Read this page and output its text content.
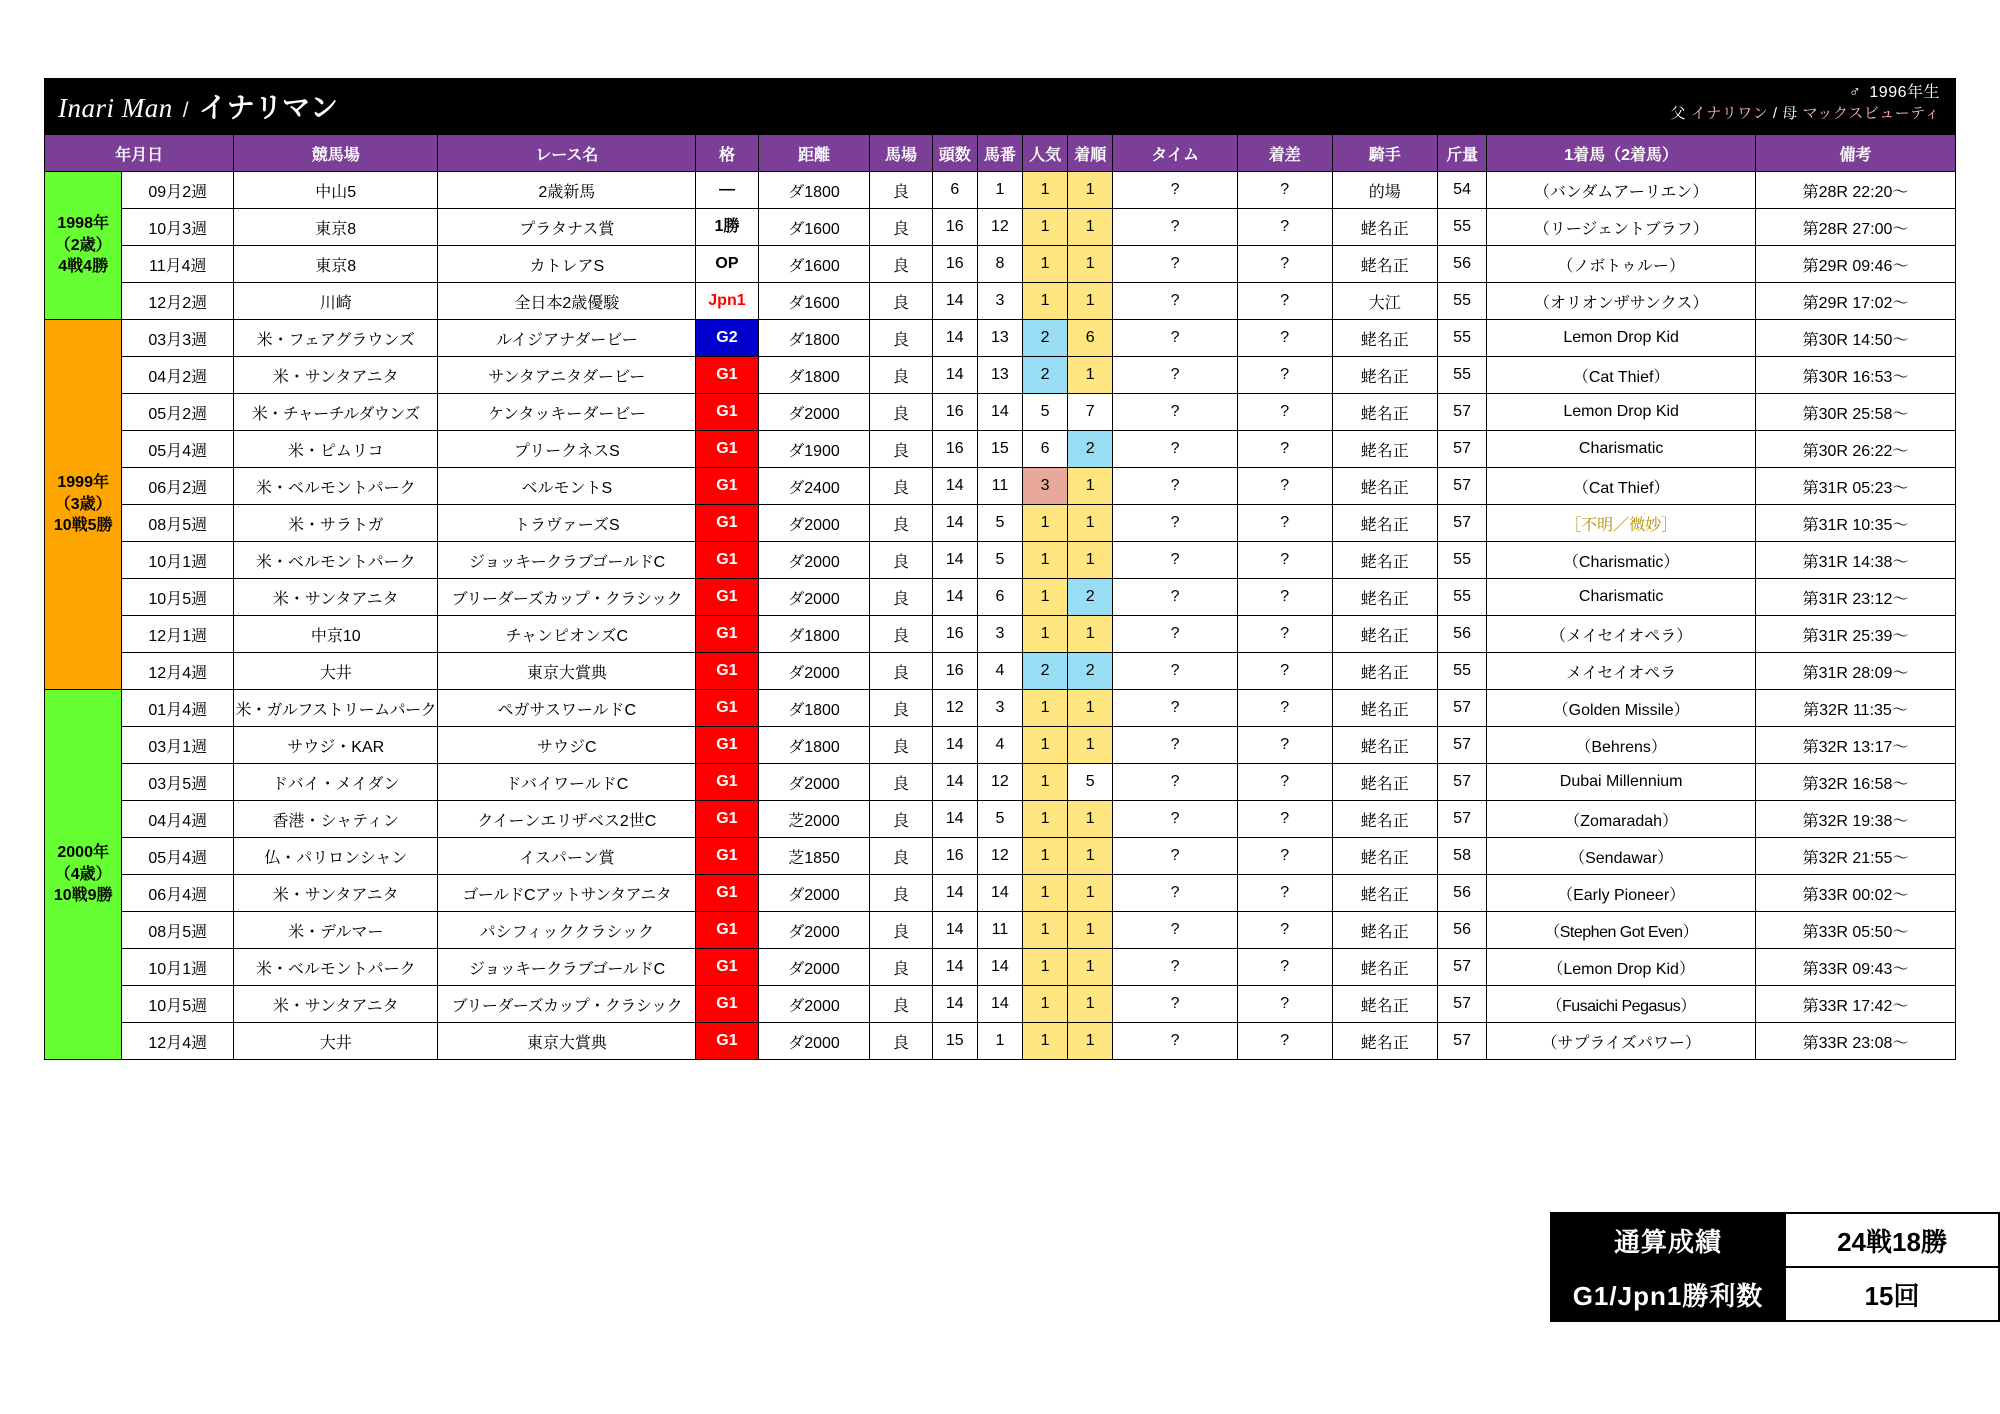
Inari Man / イナリマン	♂ 1996年生
父 イナリワン / 母 マックスビューティ
年月日		競馬場	レース名	格	距離	馬場	頭数	馬番	人気	着順	タイム	着差	騎手	斤量	1着馬（2着馬）	備考
1998年
（2歳）
4戦4勝	09月2週	中山5	2歳新馬	—	ダ1800	良	6	1	1	1	?	?	的場	54	（バンダムアーリエン）	第28R 22:20〜
	10月3週	東京8	プラタナス賞	1勝	ダ1600	良	16	12	1	1	?	?	蛯名正	55	（リージェントブラフ）	第28R 27:00〜
	11月4週	東京8	カトレアS	OP	ダ1600	良	16	8	1	1	?	?	蛯名正	56	（ノボトゥルー）	第29R 09:46〜
	12月2週	川崎	全日本2歳優駿	Jpn1	ダ1600	良	14	3	1	1	?	?	大江	55	（オリオンザサンクス）	第29R 17:02〜
1999年
（3歳）
10戦5勝	03月3週	米・フェアグラウンズ	ルイジアナダービー	G2	ダ1800	良	14	13	2	6	?	?	蛯名正	55	Lemon Drop Kid	第30R 14:50〜
	04月2週	米・サンタアニタ	サンタアニタダービー	G1	ダ1800	良	14	13	2	1	?	?	蛯名正	55	（Cat Thief）	第30R 16:53〜
	05月2週	米・チャーチルダウンズ	ケンタッキーダービー	G1	ダ2000	良	16	14	5	7	?	?	蛯名正	57	Lemon Drop Kid	第30R 25:58〜
	05月4週	米・ピムリコ	プリークネスS	G1	ダ1900	良	16	15	6	2	?	?	蛯名正	57	Charismatic	第30R 26:22〜
	06月2週	米・ベルモントパーク	ベルモントS	G1	ダ2400	良	14	11	3	1	?	?	蛯名正	57	（Cat Thief）	第31R 05:23〜
	08月5週	米・サラトガ	トラヴァーズS	G1	ダ2000	良	14	5	1	1	?	?	蛯名正	57	［不明／微妙］	第31R 10:35〜
	10月1週	米・ベルモントパーク	ジョッキークラブゴールドC	G1	ダ2000	良	14	5	1	1	?	?	蛯名正	55	（Charismatic）	第31R 14:38〜
	10月5週	米・サンタアニタ	ブリーダーズカップ・クラシック	G1	ダ2000	良	14	6	1	2	?	?	蛯名正	55	Charismatic	第31R 23:12〜
	12月1週	中京10	チャンピオンズC	G1	ダ1800	良	16	3	1	1	?	?	蛯名正	56	（メイセイオペラ）	第31R 25:39〜
	12月4週	大井	東京大賞典	G1	ダ2000	良	16	4	2	2	?	?	蛯名正	55	メイセイオペラ	第31R 28:09〜
2000年
（4歳）
10戦9勝	01月4週	米・ガルフストリームパーク	ペガサスワールドC	G1	ダ1800	良	12	3	1	1	?	?	蛯名正	57	（Golden Missile）	第32R 11:35〜
	03月1週	サウジ・KAR	サウジC	G1	ダ1800	良	14	4	1	1	?	?	蛯名正	57	（Behrens）	第32R 13:17〜
	03月5週	ドバイ・メイダン	ドバイワールドC	G1	ダ2000	良	14	12	1	5	?	?	蛯名正	57	Dubai Millennium	第32R 16:58〜
	04月4週	香港・シャティン	クイーンエリザベス2世C	G1	芝2000	良	14	5	1	1	?	?	蛯名正	57	（Zomaradah）	第32R 19:38〜
	05月4週	仏・パリロンシャン	イスパーン賞	G1	芝1850	良	16	12	1	1	?	?	蛯名正	58	（Sendawar）	第32R 21:55〜
	06月4週	米・サンタアニタ	ゴールドCアットサンタアニタ	G1	ダ2000	良	14	14	1	1	?	?	蛯名正	56	（Early Pioneer）	第33R 00:02〜
	08月5週	米・デルマー	パシフィッククラシック	G1	ダ2000	良	14	11	1	1	?	?	蛯名正	56	（Stephen Got Even）	第33R 05:50〜
	10月1週	米・ベルモントパーク	ジョッキークラブゴールドC	G1	ダ2000	良	14	14	1	1	?	?	蛯名正	57	（Lemon Drop Kid）	第33R 09:43〜
	10月5週	米・サンタアニタ	ブリーダーズカップ・クラシック	G1	ダ2000	良	14	14	1	1	?	?	蛯名正	57	（Fusaichi Pegasus）	第33R 17:42〜
	12月4週	大井	東京大賞典	G1	ダ2000	良	15	1	1	1	?	?	蛯名正	57	（サプライズパワー）	第33R 23:08〜
通算成績	24戦18勝
G1/Jpn1勝利数	15回
